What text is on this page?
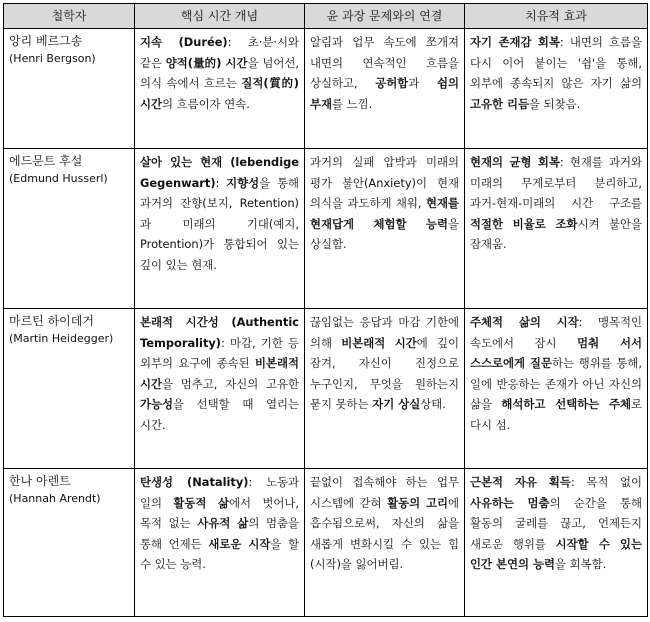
철학자	핵심 시간 개념	윤 과장 문제와의 연결	치유적 효과

앙리 베르그송
(Henri Bergson)	지속 (Durée): 초·분·시와 같은 양적(量的) 시간을 넘어선, 의식 속에서 흐르는 질적(質的) 시간의 흐름이자 연속.	알림과 업무 속도에 쪼개져 내면의 연속적인 흐름을 상실하고, 공허함과 쉼의 부재를 느낌.	자기 존재감 회복: 내면의 흐름을 다시 이어 붙이는 '쉼'을 통해, 외부에 종속되지 않은 자기 삶의 고유한 리듬을 되찾음.

에드문트 후설
(Edmund Husserl)	살아 있는 현재 (lebendige Gegenwart): 지향성을 통해 과거의 잔향(보지, Retention)과 미래의 기대(예지, Protention)가 통합되어 있는 깊이 있는 현재.	과거의 실패 압박과 미래의 평가 불안(Anxiety)이 현재 의식을 과도하게 채워, 현재를 현재답게 체험할 능력을 상실함.	현재의 균형 회복: 현재를 과거와 미래의 무게로부터 분리하고, 과거-현재-미래의 시간 구조를 적절한 비율로 조화시켜 불안을 잠재움.

마르틴 하이데거
(Martin Heidegger)	본래적 시간성 (Authentic Temporality): 마감, 기한 등 외부의 요구에 종속된 비본래적 시간을 멈추고, 자신의 고유한 가능성을 선택할 때 열리는 시간.	끊임없는 응답과 마감 기한에 의해 비본래적 시간에 깊이 잠겨, 자신이 진정으로 누구인지, 무엇을 원하는지 묻지 못하는 자기 상실상태.	주체적 삶의 시작: 맹목적인 속도에서 잠시 멈춰 서서 스스로에게 질문하는 행위를 통해, 일에 반응하는 존재가 아닌 자신의 삶을 해석하고 선택하는 주체로 다시 섬.

한나 아렌트
(Hannah Arendt)	탄생성 (Natality): 노동과 일의 활동적 삶에서 벗어나, 목적 없는 사유적 삶의 멈춤을 통해 언제든 새로운 시작을 할 수 있는 능력.	끝없이 접속해야 하는 업무 시스템에 갇혀 활동의 고리에 흡수됨으로써, 자신의 삶을 새롭게 변화시킬 수 있는 힘(시작)을 잃어버림.	근본적 자유 획득: 목적 없이 사유하는 멈춤의 순간을 통해 활동의 굴레를 끊고, 언제든지 새로운 행위를 시작할 수 있는 인간 본연의 능력을 회복함.
